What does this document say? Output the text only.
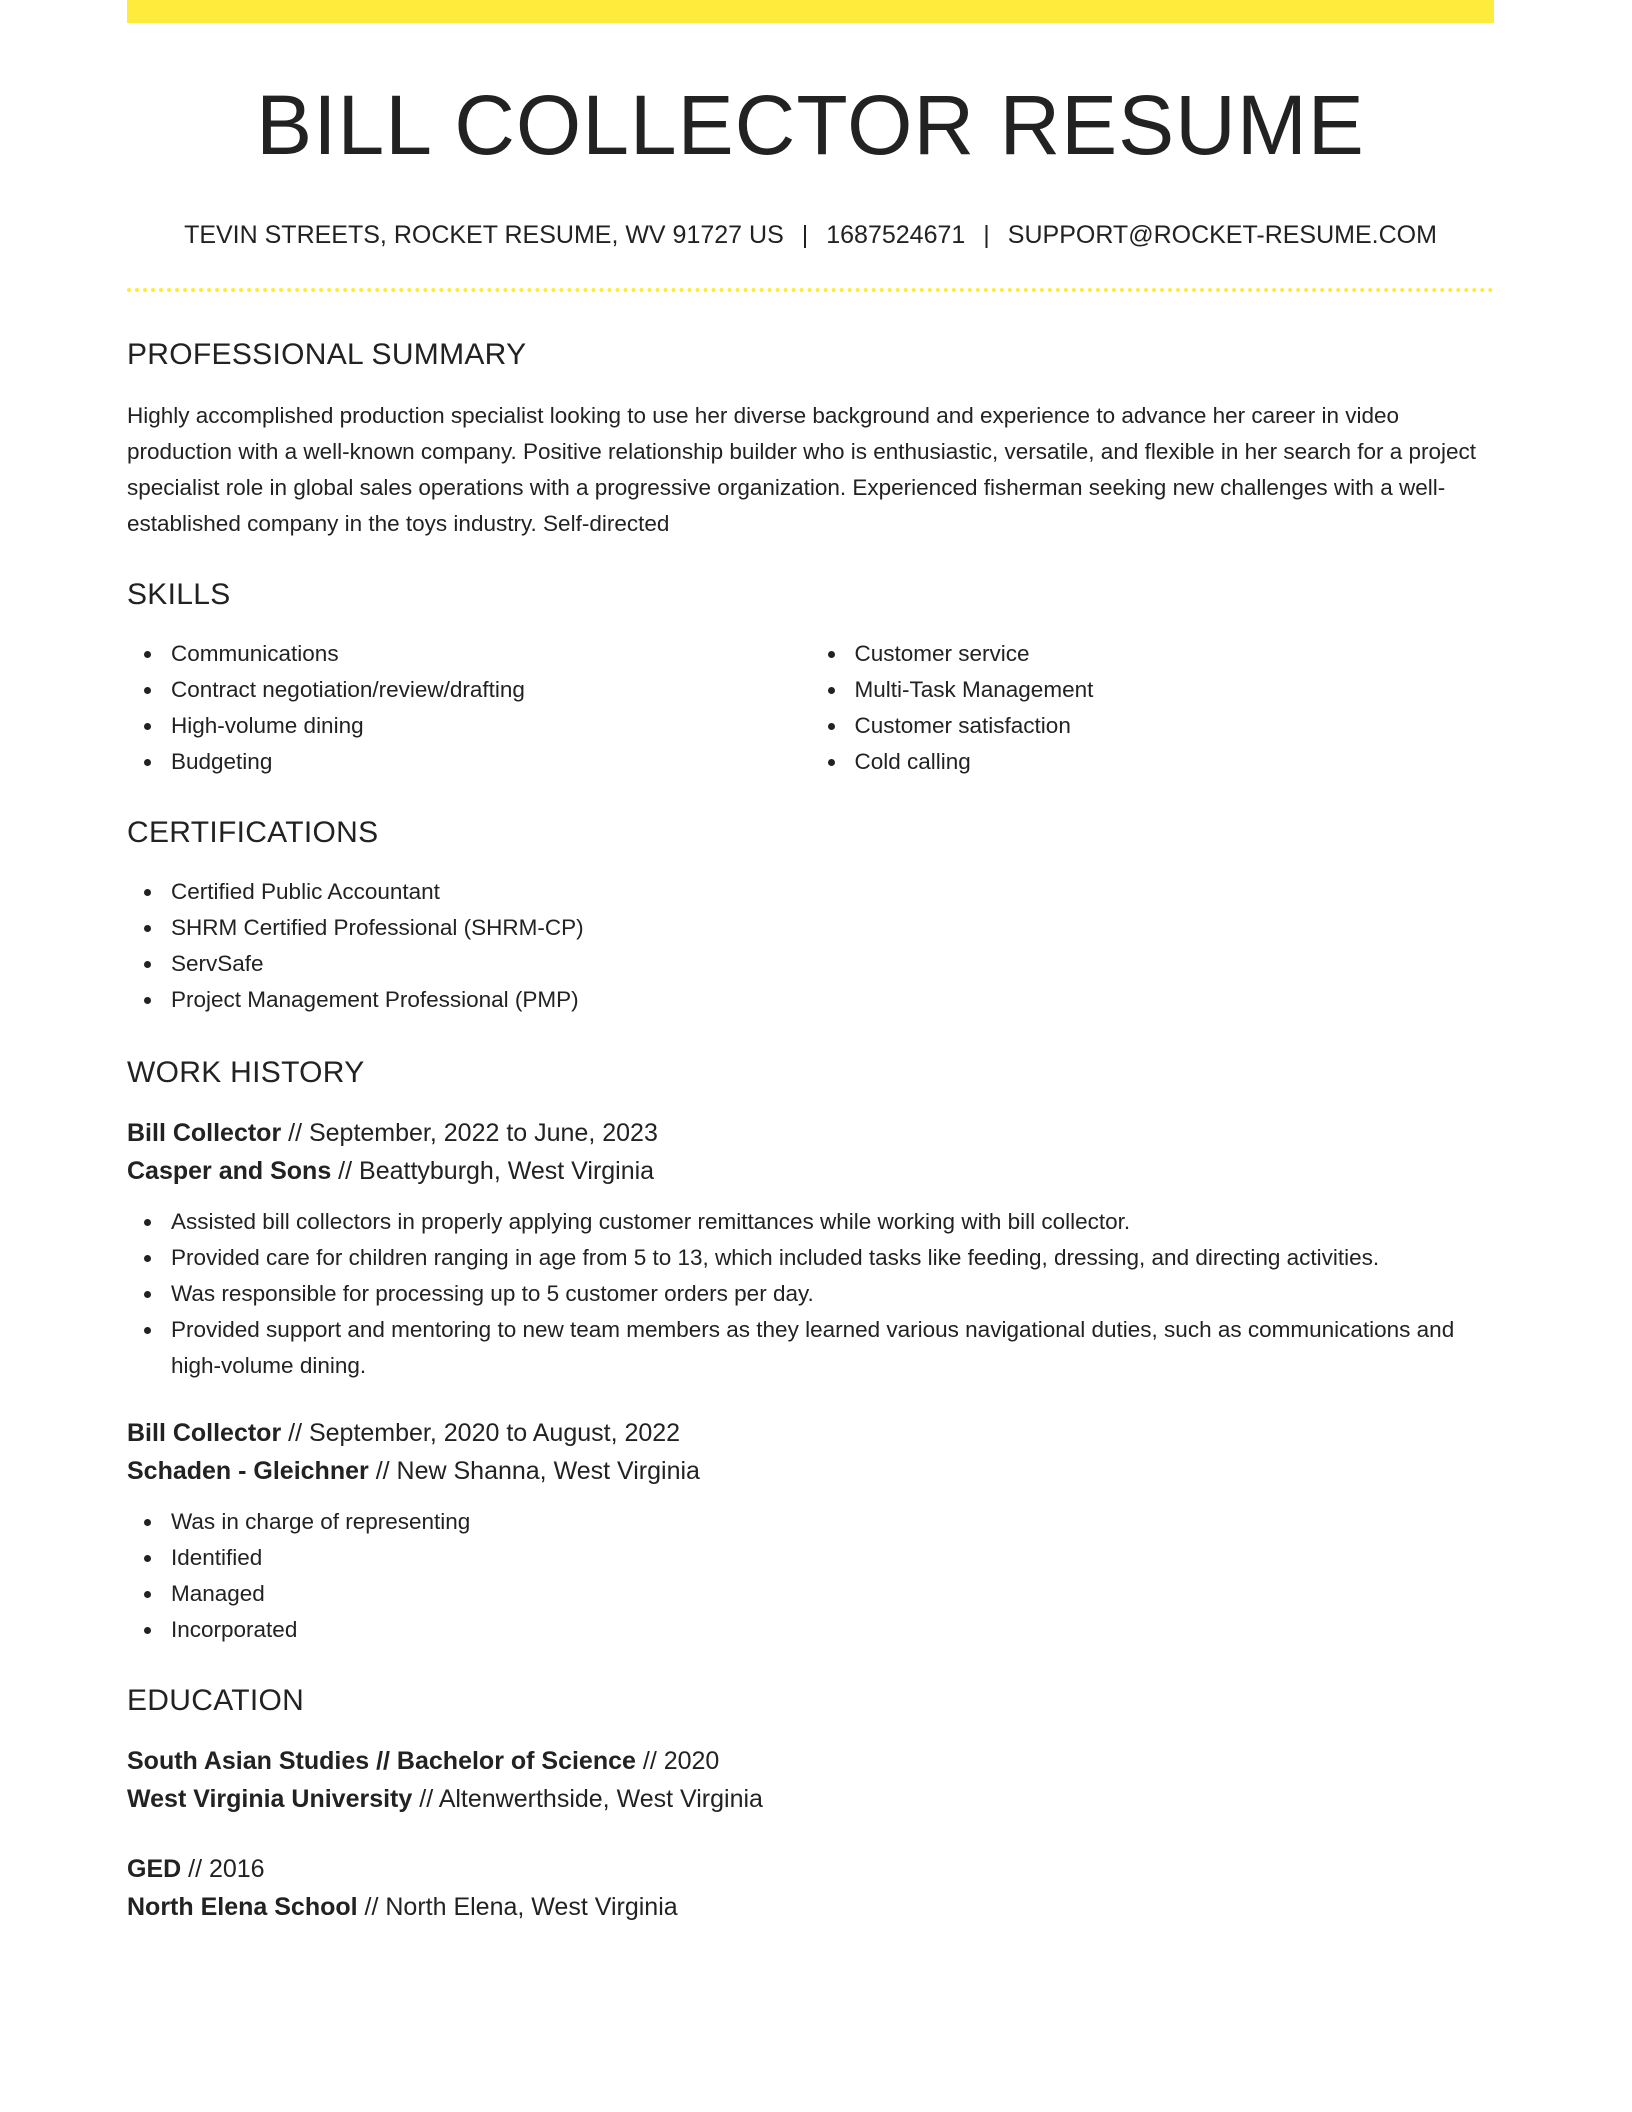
BILL COLLECTOR RESUME
TEVIN STREETS, ROCKET RESUME, WV 91727 US | 1687524671 | SUPPORT@ROCKET-RESUME.COM
PROFESSIONAL SUMMARY
Highly accomplished production specialist looking to use her diverse background and experience to advance her career in video production with a well-known company. Positive relationship builder who is enthusiastic, versatile, and flexible in her search for a project specialist role in global sales operations with a progressive organization. Experienced fisherman seeking new challenges with a well-established company in the toys industry. Self-directed
SKILLS
Communications
Contract negotiation/review/drafting
High-volume dining
Budgeting
Customer service
Multi-Task Management
Customer satisfaction
Cold calling
CERTIFICATIONS
Certified Public Accountant
SHRM Certified Professional (SHRM-CP)
ServSafe
Project Management Professional (PMP)
WORK HISTORY
Bill Collector // September, 2022 to June, 2023
Casper and Sons // Beattyburgh, West Virginia
Assisted bill collectors in properly applying customer remittances while working with bill collector.
Provided care for children ranging in age from 5 to 13, which included tasks like feeding, dressing, and directing activities.
Was responsible for processing up to 5 customer orders per day.
Provided support and mentoring to new team members as they learned various navigational duties, such as communications and high-volume dining.
Bill Collector // September, 2020 to August, 2022
Schaden - Gleichner // New Shanna, West Virginia
Was in charge of representing
Identified
Managed
Incorporated
EDUCATION
South Asian Studies // Bachelor of Science // 2020
West Virginia University // Altenwerthside, West Virginia
GED // 2016
North Elena School // North Elena, West Virginia
